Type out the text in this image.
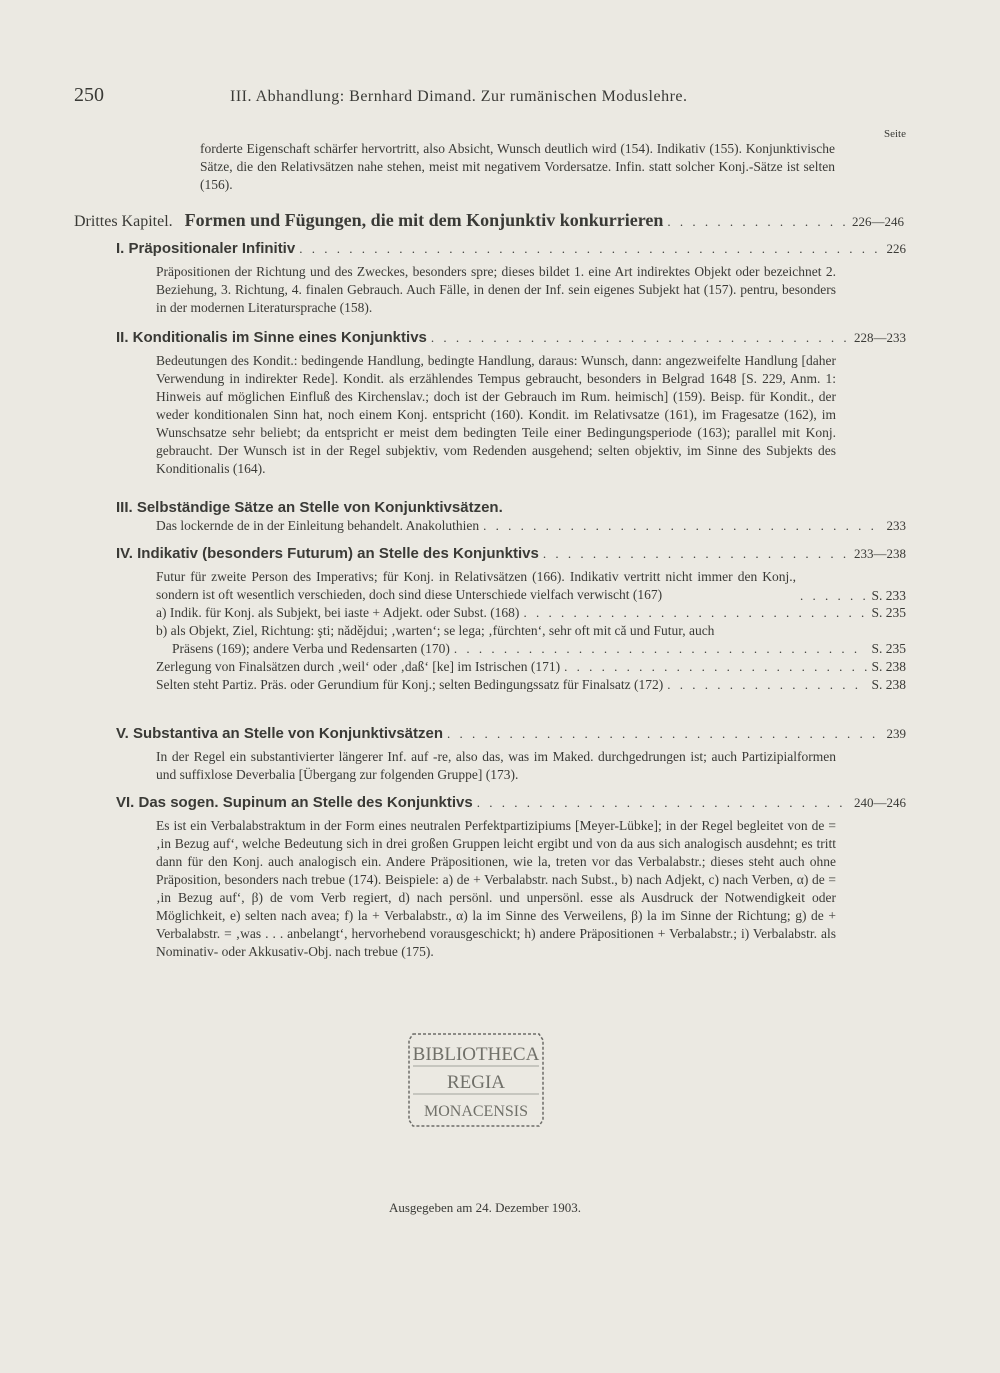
250	III. Abhandlung: Bernhard Dimand. Zur rumänischen Moduslehre.
Seite
forderte Eigenschaft schärfer hervortritt, also Absicht, Wunsch deutlich wird (154). Indikativ (155). Konjunktivische Sätze, die den Relativsätzen nahe stehen, meist mit negativem Vordersatze. Infin. statt solcher Konj.-Sätze ist selten (156).
Drittes Kapitel. Formen und Fügungen, die mit dem Konjunktiv konkurrieren . . .	226—246
I. Präpositionaler Infinitiv . . .	226
Präpositionen der Richtung und des Zweckes, besonders spre; dieses bildet 1. eine Art indirektes Objekt oder bezeichnet 2. Beziehung, 3. Richtung, 4. finalen Gebrauch. Auch Fälle, in denen der Inf. sein eigenes Subjekt hat (157). pentru, besonders in der modernen Literatursprache (158).
II. Konditionalis im Sinne eines Konjunktivs . . .	228—233
Bedeutungen des Kondit.: bedingende Handlung, bedingte Handlung, daraus: Wunsch, dann: angezweifelte Handlung [daher Verwendung in indirekter Rede]. Kondit. als erzählendes Tempus gebraucht, besonders in Belgrad 1648 [S. 229, Anm. 1: Hinweis auf möglichen Einfluß des Kirchenslav.; doch ist der Gebrauch im Rum. heimisch] (159). Beisp. für Kondit., der weder konditionalen Sinn hat, noch einem Konj. entspricht (160). Kondit. im Relativsatze (161), im Fragesatze (162), im Wunschsatze sehr beliebt; da entspricht er meist dem bedingten Teile einer Bedingungsperiode (163); parallel mit Konj. gebraucht. Der Wunsch ist in der Regel subjektiv, vom Redenden ausgehend; selten objektiv, im Sinne des Subjekts des Konditionalis (164).
III. Selbständige Sätze an Stelle von Konjunktivsätzen.
Das lockernde de in der Einleitung behandelt. Anakoluthien . . .	233
IV. Indikativ (besonders Futurum) an Stelle des Konjunktivs . . .	233—238
Futur für zweite Person des Imperativs; für Konj. in Relativsätzen (166). Indikativ vertritt nicht immer den Konj., sondern ist oft wesentlich verschieden, doch sind diese Unterschiede vielfach verwischt (167) . . .	S. 233
a) Indik. für Konj. als Subjekt, bei iaste + Adjekt. oder Subst. (168) . . .	S. 235
b) als Objekt, Ziel, Richtung: şti; nădějdui; ‚warten‘; se lega; ‚fürchten‘, sehr oft mit că und Futur, auch
Präsens (169); andere Verba und Redensarten (170) . . .	S. 235
Zerlegung von Finalsätzen durch ‚weil‘ oder ‚daß‘ [ke] im Istrischen (171) . . .	S. 238
Selten steht Partiz. Präs. oder Gerundium für Konj.; selten Bedingungssatz für Finalsatz (172) . . .	S. 238
V. Substantiva an Stelle von Konjunktivsätzen . . .	239
In der Regel ein substantivierter längerer Inf. auf -re, also das, was im Maked. durchgedrungen ist; auch Partizipialformen und suffixlose Deverbalia [Übergang zur folgenden Gruppe] (173).
VI. Das sogen. Supinum an Stelle des Konjunktivs . . .	240—246
Es ist ein Verbalabstraktum in der Form eines neutralen Perfektpartizipiums [Meyer-Lübke]; in der Regel begleitet von de = ‚in Bezug auf‘, welche Bedeutung sich in drei großen Gruppen leicht ergibt und von da aus sich analogisch ausdehnt; es tritt dann für den Konj. auch analogisch ein. Andere Präpositionen, wie la, treten vor das Verbalabstr.; dieses steht auch ohne Präposition, besonders nach trebue (174). Beispiele: a) de + Verbalabstr. nach Subst., b) nach Adjekt, c) nach Verben, α) de = ‚in Bezug auf‘, β) de vom Verb regiert, d) nach persönl. und unpersönl. esse als Ausdruck der Notwendigkeit oder Möglichkeit, e) selten nach avea; f) la + Verbalabstr., α) la im Sinne des Verweilens, β) la im Sinne der Richtung; g) de + Verbalabstr. = ‚was . . . anbelangt‘, hervorhebend vorausgeschickt; h) andere Präpositionen + Verbalabstr.; i) Verbalabstr. als Nominativ- oder Akkusativ-Obj. nach trebue (175).
BIBLIOTHECA
REGIA
MONACENSIS
Ausgegeben am 24. Dezember 1903.
